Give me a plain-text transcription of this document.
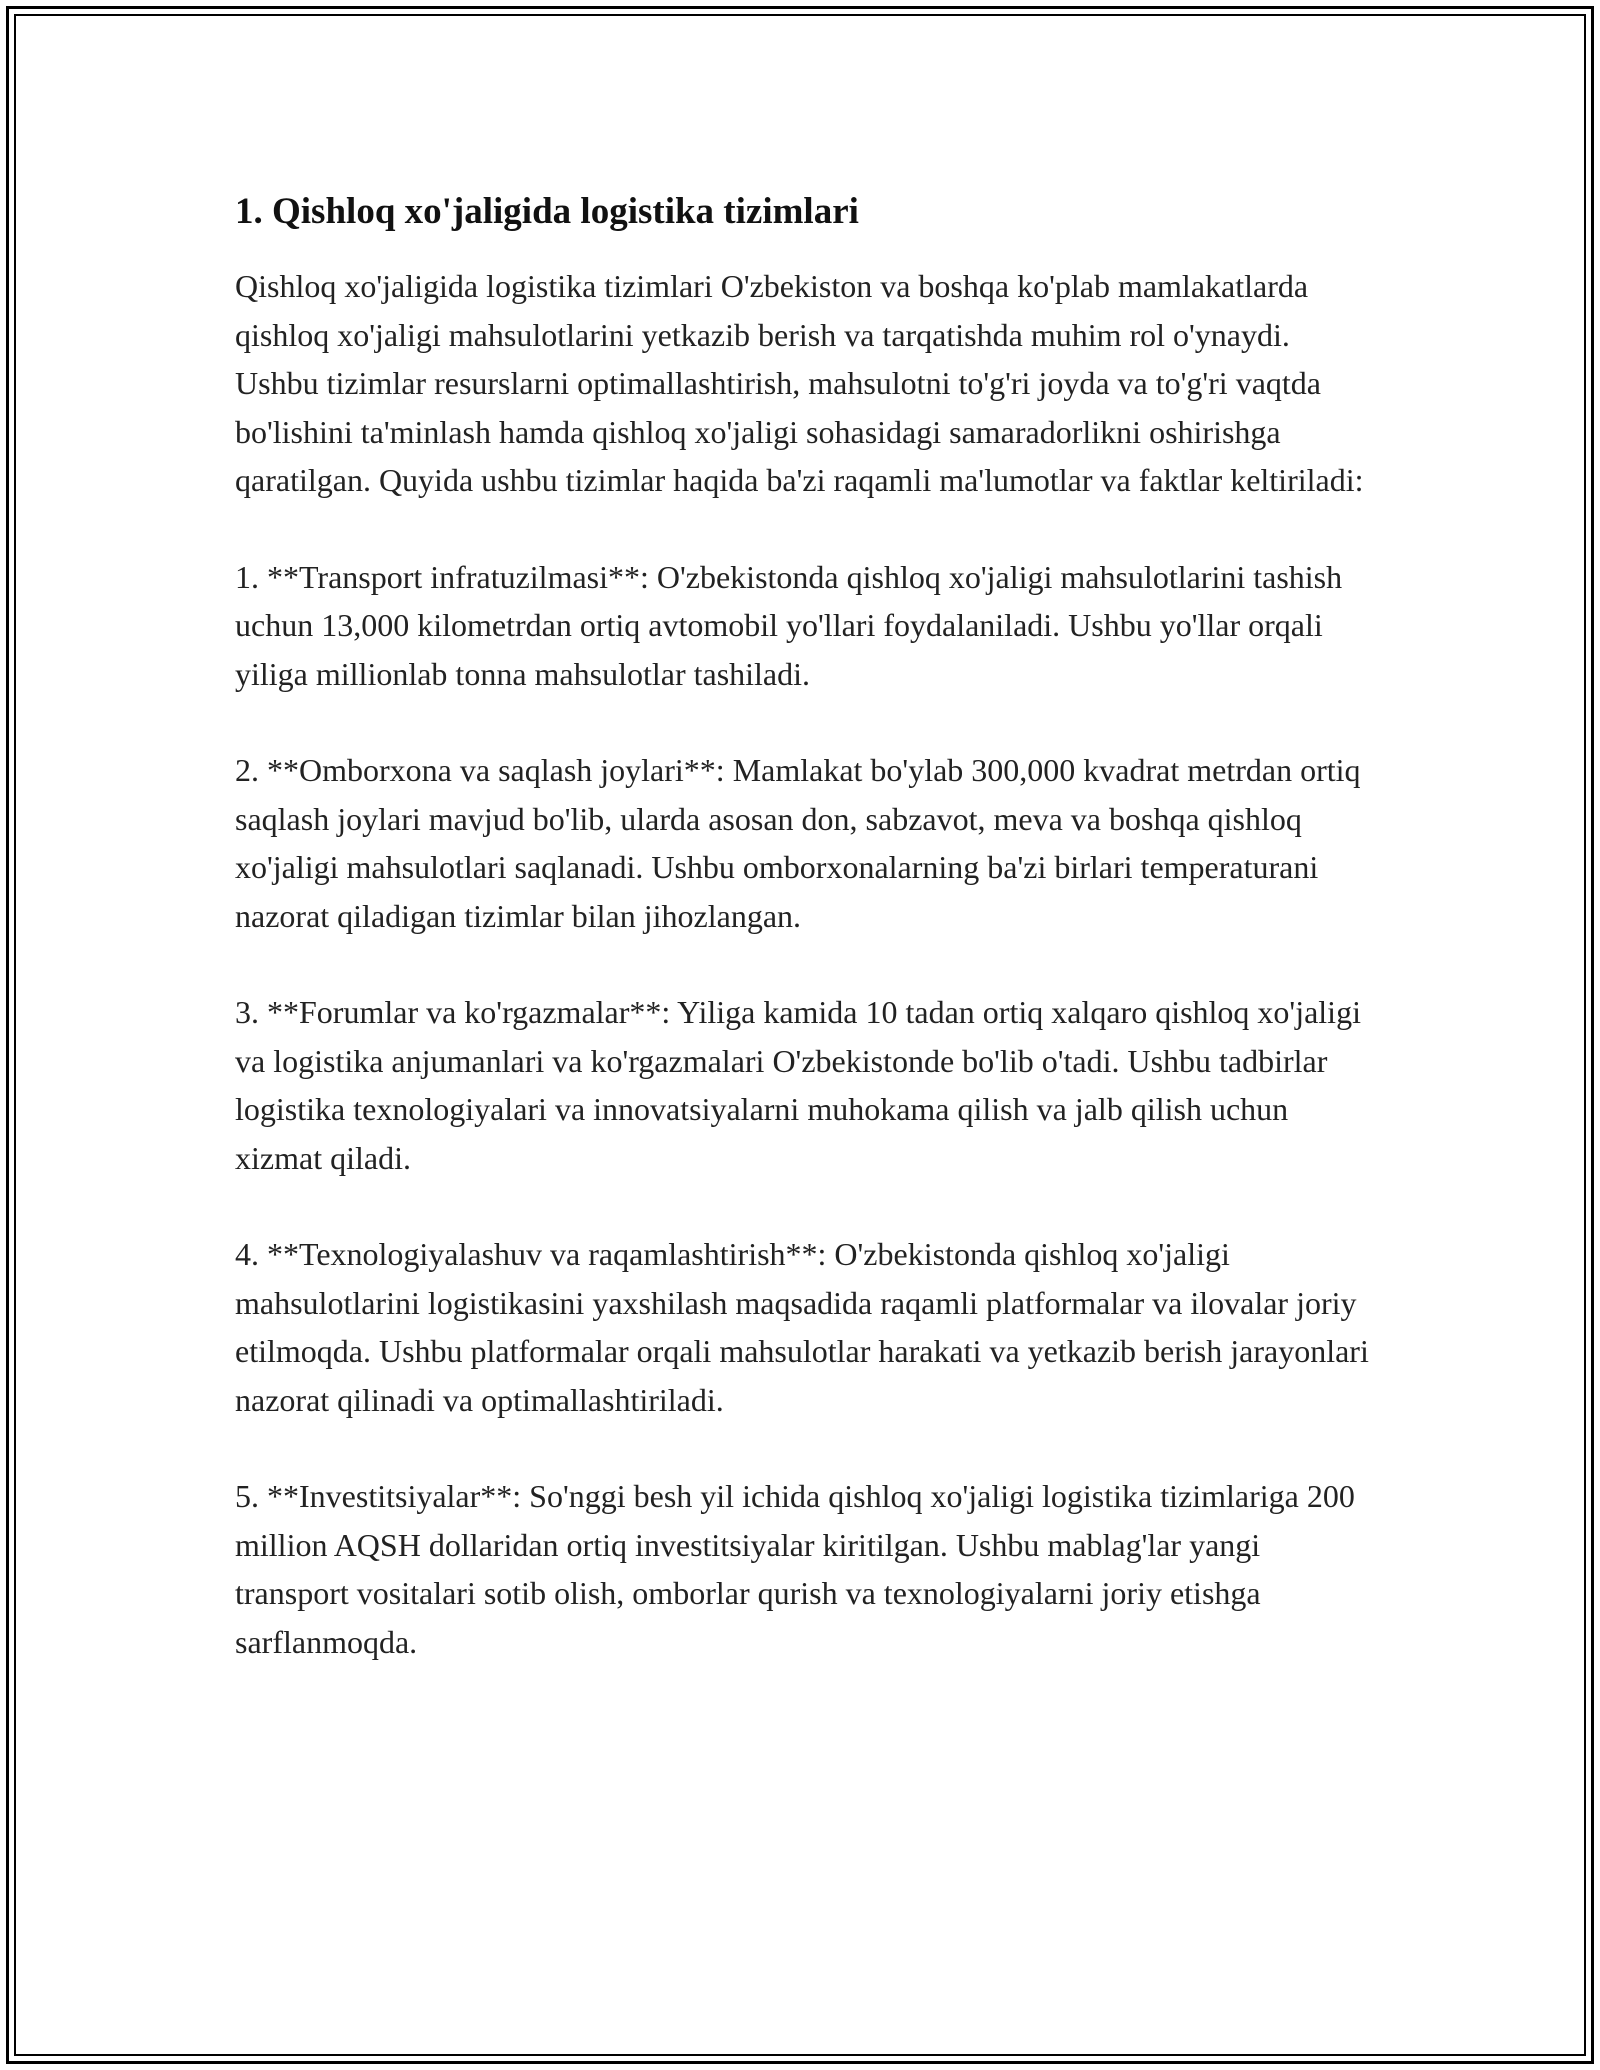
1. Qishloq xo'jaligida logistika tizimlari

Qishloq xo'jaligida logistika tizimlari O'zbekiston va boshqa ko'plab mamlakatlarda qishloq xo'jaligi mahsulotlarini yetkazib berish va tarqatishda muhim rol o'ynaydi. Ushbu tizimlar resurslarni optimallashtirish, mahsulotni to'g'ri joyda va to'g'ri vaqtda bo'lishini ta'minlash hamda qishloq xo'jaligi sohasidagi samaradorlikni oshirishga qaratilgan. Quyida ushbu tizimlar haqida ba'zi raqamli ma'lumotlar va faktlar keltiriladi:

1. **Transport infratuzilmasi**: O'zbekistonda qishloq xo'jaligi mahsulotlarini tashish uchun 13,000 kilometrdan ortiq avtomobil yo'llari foydalaniladi. Ushbu yo'llar orqali yiliga millionlab tonna mahsulotlar tashiladi.

2. **Omborxona va saqlash joylari**: Mamlakat bo'ylab 300,000 kvadrat metrdan ortiq saqlash joylari mavjud bo'lib, ularda asosan don, sabzavot, meva va boshqa qishloq xo'jaligi mahsulotlari saqlanadi. Ushbu omborxonalarning ba'zi birlari temperaturani nazorat qiladigan tizimlar bilan jihozlangan.

3. **Forumlar va ko'rgazmalar**: Yiliga kamida 10 tadan ortiq xalqaro qishloq xo'jaligi va logistika anjumanlari va ko'rgazmalari O'zbekistonde bo'lib o'tadi. Ushbu tadbirlar logistika texnologiyalari va innovatsiyalarni muhokama qilish va jalb qilish uchun xizmat qiladi.

4. **Texnologiyalashuv va raqamlashtirish**: O'zbekistonda qishloq xo'jaligi mahsulotlarini logistikasini yaxshilash maqsadida raqamli platformalar va ilovalar joriy etilmoqda. Ushbu platformalar orqali mahsulotlar harakati va yetkazib berish jarayonlari nazorat qilinadi va optimallashtiriladi.

5. **Investitsiyalar**: So'nggi besh yil ichida qishloq xo'jaligi logistika tizimlariga 200 million AQSH dollaridan ortiq investitsiyalar kiritilgan. Ushbu mablag'lar yangi transport vositalari sotib olish, omborlar qurish va texnologiyalarni joriy etishga sarflanmoqda.
